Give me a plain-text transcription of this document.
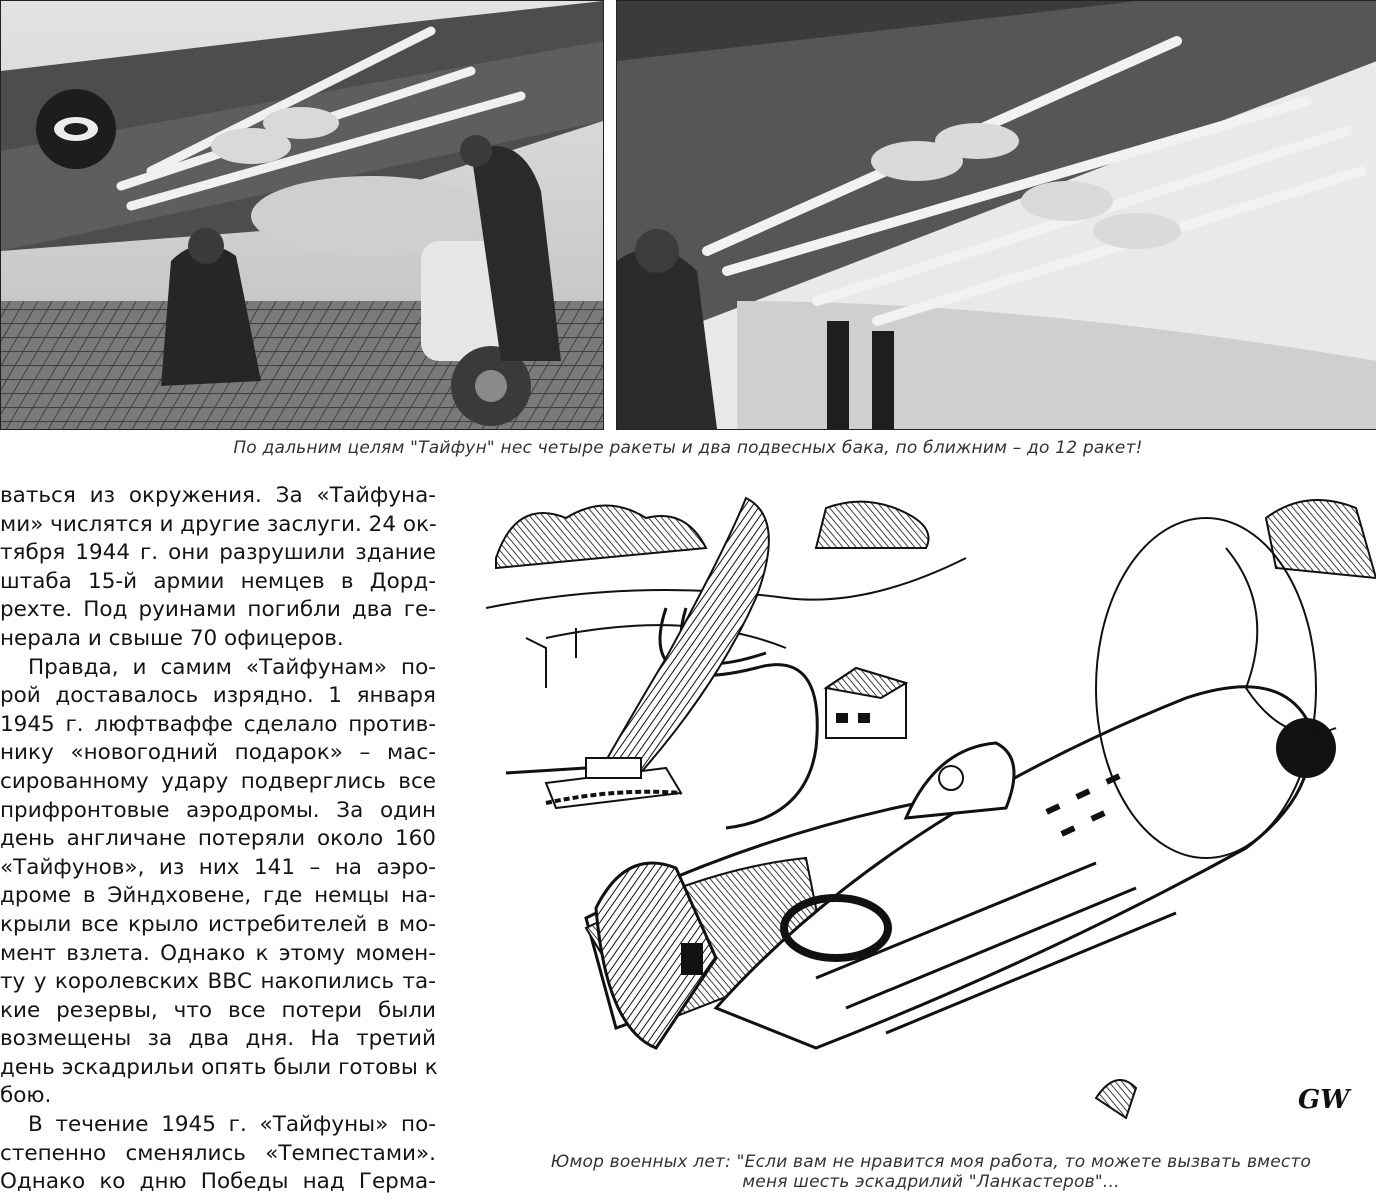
По дальним целям "Тайфун" нес четыре ракеты и два подвесных бака, по ближним – до 12 ракет!
ваться из окружения. За «Тайфуна-
ми» числятся и другие заслуги. 24 ок-
тября 1944 г. они разрушили здание
штаба 15-й армии немцев в Дорд-
рехте. Под руинами погибли два ге-
нерала и свыше 70 офицеров.
Правда, и самим «Тайфунам» по-
рой доставалось изрядно. 1 января
1945 г. люфтваффе сделало против-
нику «новогодний подарок» – мас-
сированному удару подверглись все
прифронтовые аэродромы. За один
день англичане потеряли около 160
«Тайфунов», из них 141 – на аэро-
дроме в Эйндховене, где немцы на-
крыли все крыло истребителей в мо-
мент взлета. Однако к этому момен-
ту у королевских ВВС накопились та-
кие резервы, что все потери были
возмещены за два дня. На третий
день эскадрильи опять были готовы к
бою.
В течение 1945 г. «Тайфуны» по-
степенно сменялись «Темпестами».
Однако ко дню Победы над Герма-
GW
Юмор военных лет: "Если вам не нравится моя работа, то можете вызвать вместо
меня шесть эскадрилий "Ланкастеров"...
